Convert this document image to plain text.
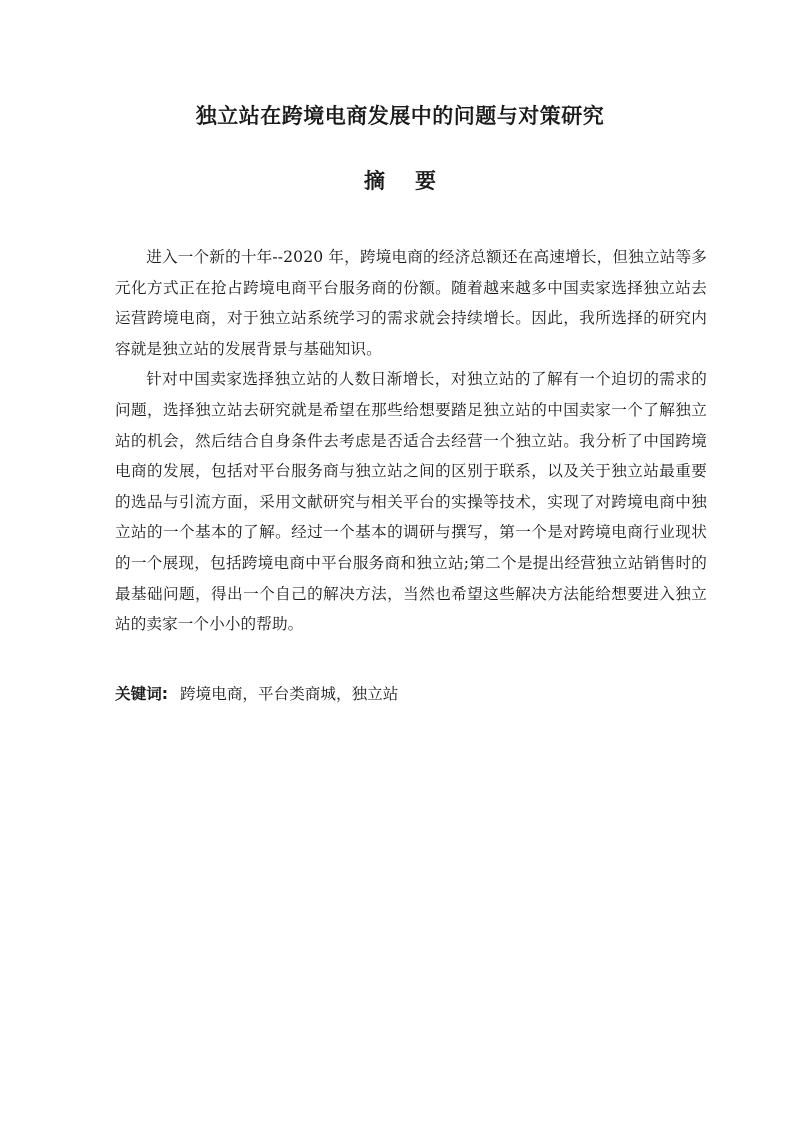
独立站在跨境电商发展中的问题与对策研究
摘 要

进入一个新的十年--2020 年，跨境电商的经济总额还在高速增长，但独立站等多元化方式正在抢占跨境电商平台服务商的份额。随着越来越多中国卖家选择独立站去运营跨境电商，对于独立站系统学习的需求就会持续增长。因此，我所选择的研究内容就是独立站的发展背景与基础知识。

针对中国卖家选择独立站的人数日渐增长，对独立站的了解有一个迫切的需求的问题，选择独立站去研究就是希望在那些给想要踏足独立站的中国卖家一个了解独立站的机会，然后结合自身条件去考虑是否适合去经营一个独立站。我分析了中国跨境电商的发展，包括对平台服务商与独立站之间的区别于联系，以及关于独立站最重要的选品与引流方面，采用文献研究与相关平台的实操等技术，实现了对跨境电商中独立站的一个基本的了解。经过一个基本的调研与撰写，第一个是对跨境电商行业现状的一个展现，包括跨境电商中平台服务商和独立站;第二个是提出经营独立站销售时的最基础问题，得出一个自己的解决方法，当然也希望这些解决方法能给想要进入独立站的卖家一个小小的帮助。

关键词: 跨境电商，平台类商城，独立站
